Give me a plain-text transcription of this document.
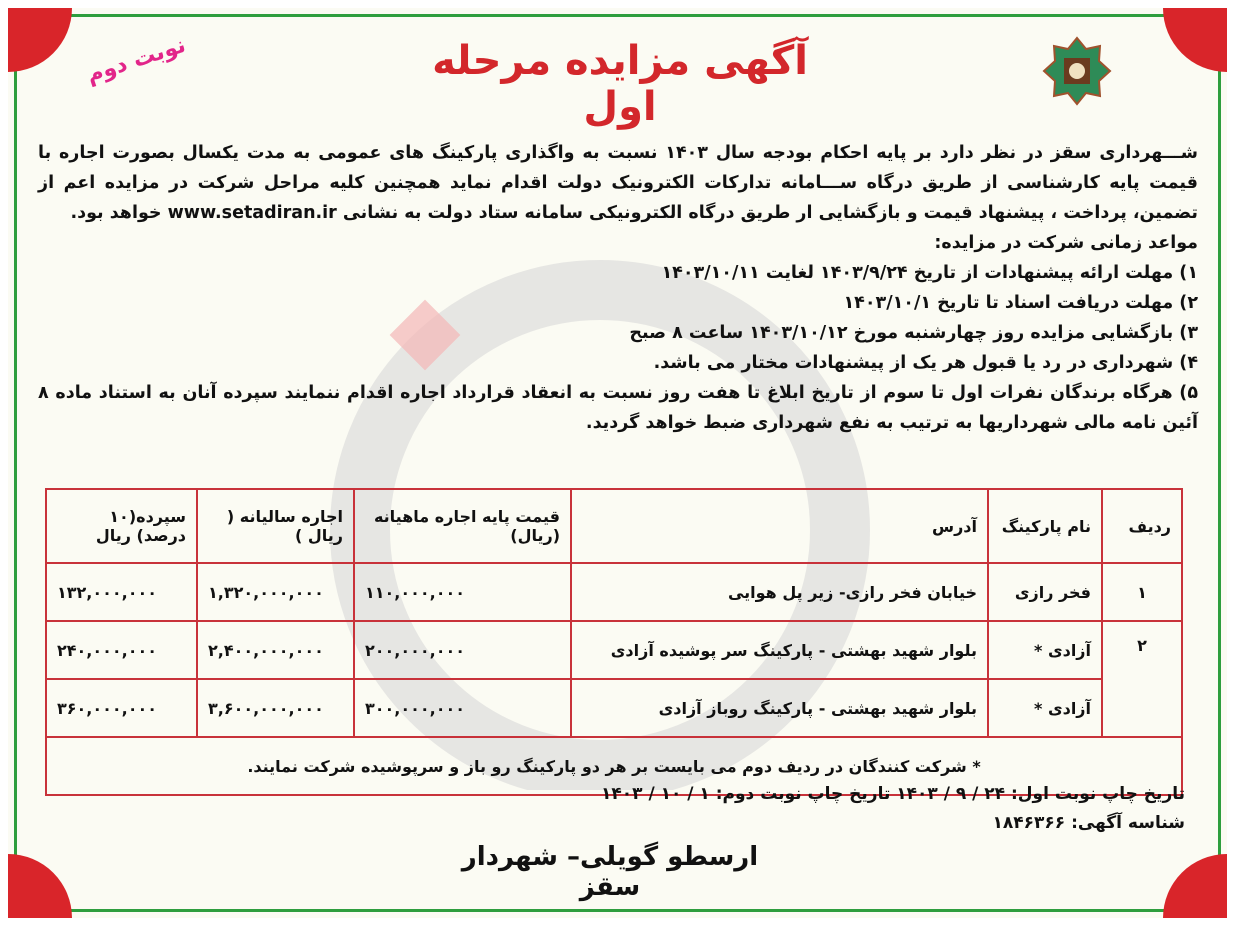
آگهی مزایده مرحله اول
نوبت دوم

شـــهرداری سقز در نظر دارد بر پایه احکام بودجه سال ۱۴۰۳ نسبت به واگذاری پارکینگ های عمومی به مدت یکسال بصورت اجاره با قیمت پایه کارشناسی از طریق درگاه ســـامانه تدارکات الکترونیک دولت اقدام نماید همچنین کلیه مراحل شرکت در مزایده اعم از تضمین، پرداخت ، پیشنهاد قیمت و بازگشایی ار طریق درگاه الکترونیکی سامانه ستاد دولت به نشانی www.setadiran.ir خواهد بود.

مواعد زمانی شرکت در مزایده:

۱) مهلت ارائه پیشنهادات از تاریخ ۱۴۰۳/۹/۲۴ لغایت ۱۴۰۳/۱۰/۱۱

۲) مهلت دریافت اسناد تا تاریخ ۱۴۰۳/۱۰/۱

۳) بازگشایی مزایده روز چهارشنبه مورخ ۱۴۰۳/۱۰/۱۲ ساعت ۸ صبح

۴) شهرداری در رد یا قبول هر یک از پیشنهادات مختار می باشد.

۵) هرگاه برندگان نفرات اول تا سوم از تاریخ ابلاغ تا هفت روز نسبت به انعقاد قرارداد اجاره اقدام ننمایند سپرده آنان به استناد ماده ۸ آئین نامه مالی شهرداریها به ترتیب به نفع شهرداری ضبط خواهد گردید.

ردیف	نام پارکینگ	آدرس	قیمت پایه اجاره ماهیانه (ریال)	اجاره سالیانه ( ریال )	سپرده(۱۰ درصد) ریال
۱	فخر رازی	خیابان فخر رازی- زیر پل هوایی	۱۱۰,۰۰۰,۰۰۰	۱,۳۲۰,۰۰۰,۰۰۰	۱۳۲,۰۰۰,۰۰۰
۲	آزادی *	بلوار شهید بهشتی - پارکینگ سر پوشیده آزادی	۲۰۰,۰۰۰,۰۰۰	۲,۴۰۰,۰۰۰,۰۰۰	۲۴۰,۰۰۰,۰۰۰
	آزادی *	بلوار شهید بهشتی - پارکینگ روباز آزادی	۳۰۰,۰۰۰,۰۰۰	۳,۶۰۰,۰۰۰,۰۰۰	۳۶۰,۰۰۰,۰۰۰
* شرکت کنندگان در ردیف دوم می بایست بر هر دو پارکینگ رو باز و سرپوشیده شرکت نمایند.					
تاریخ چاپ نوبت اول: ۲۴ / ۹ / ۱۴۰۳ تاریخ چاپ نوبت دوم: ۱ / ۱۰ / ۱۴۰۳
شناسه آگهی: ۱۸۴۶۳۶۶
ارسطو گویلی– شهردار سقز
